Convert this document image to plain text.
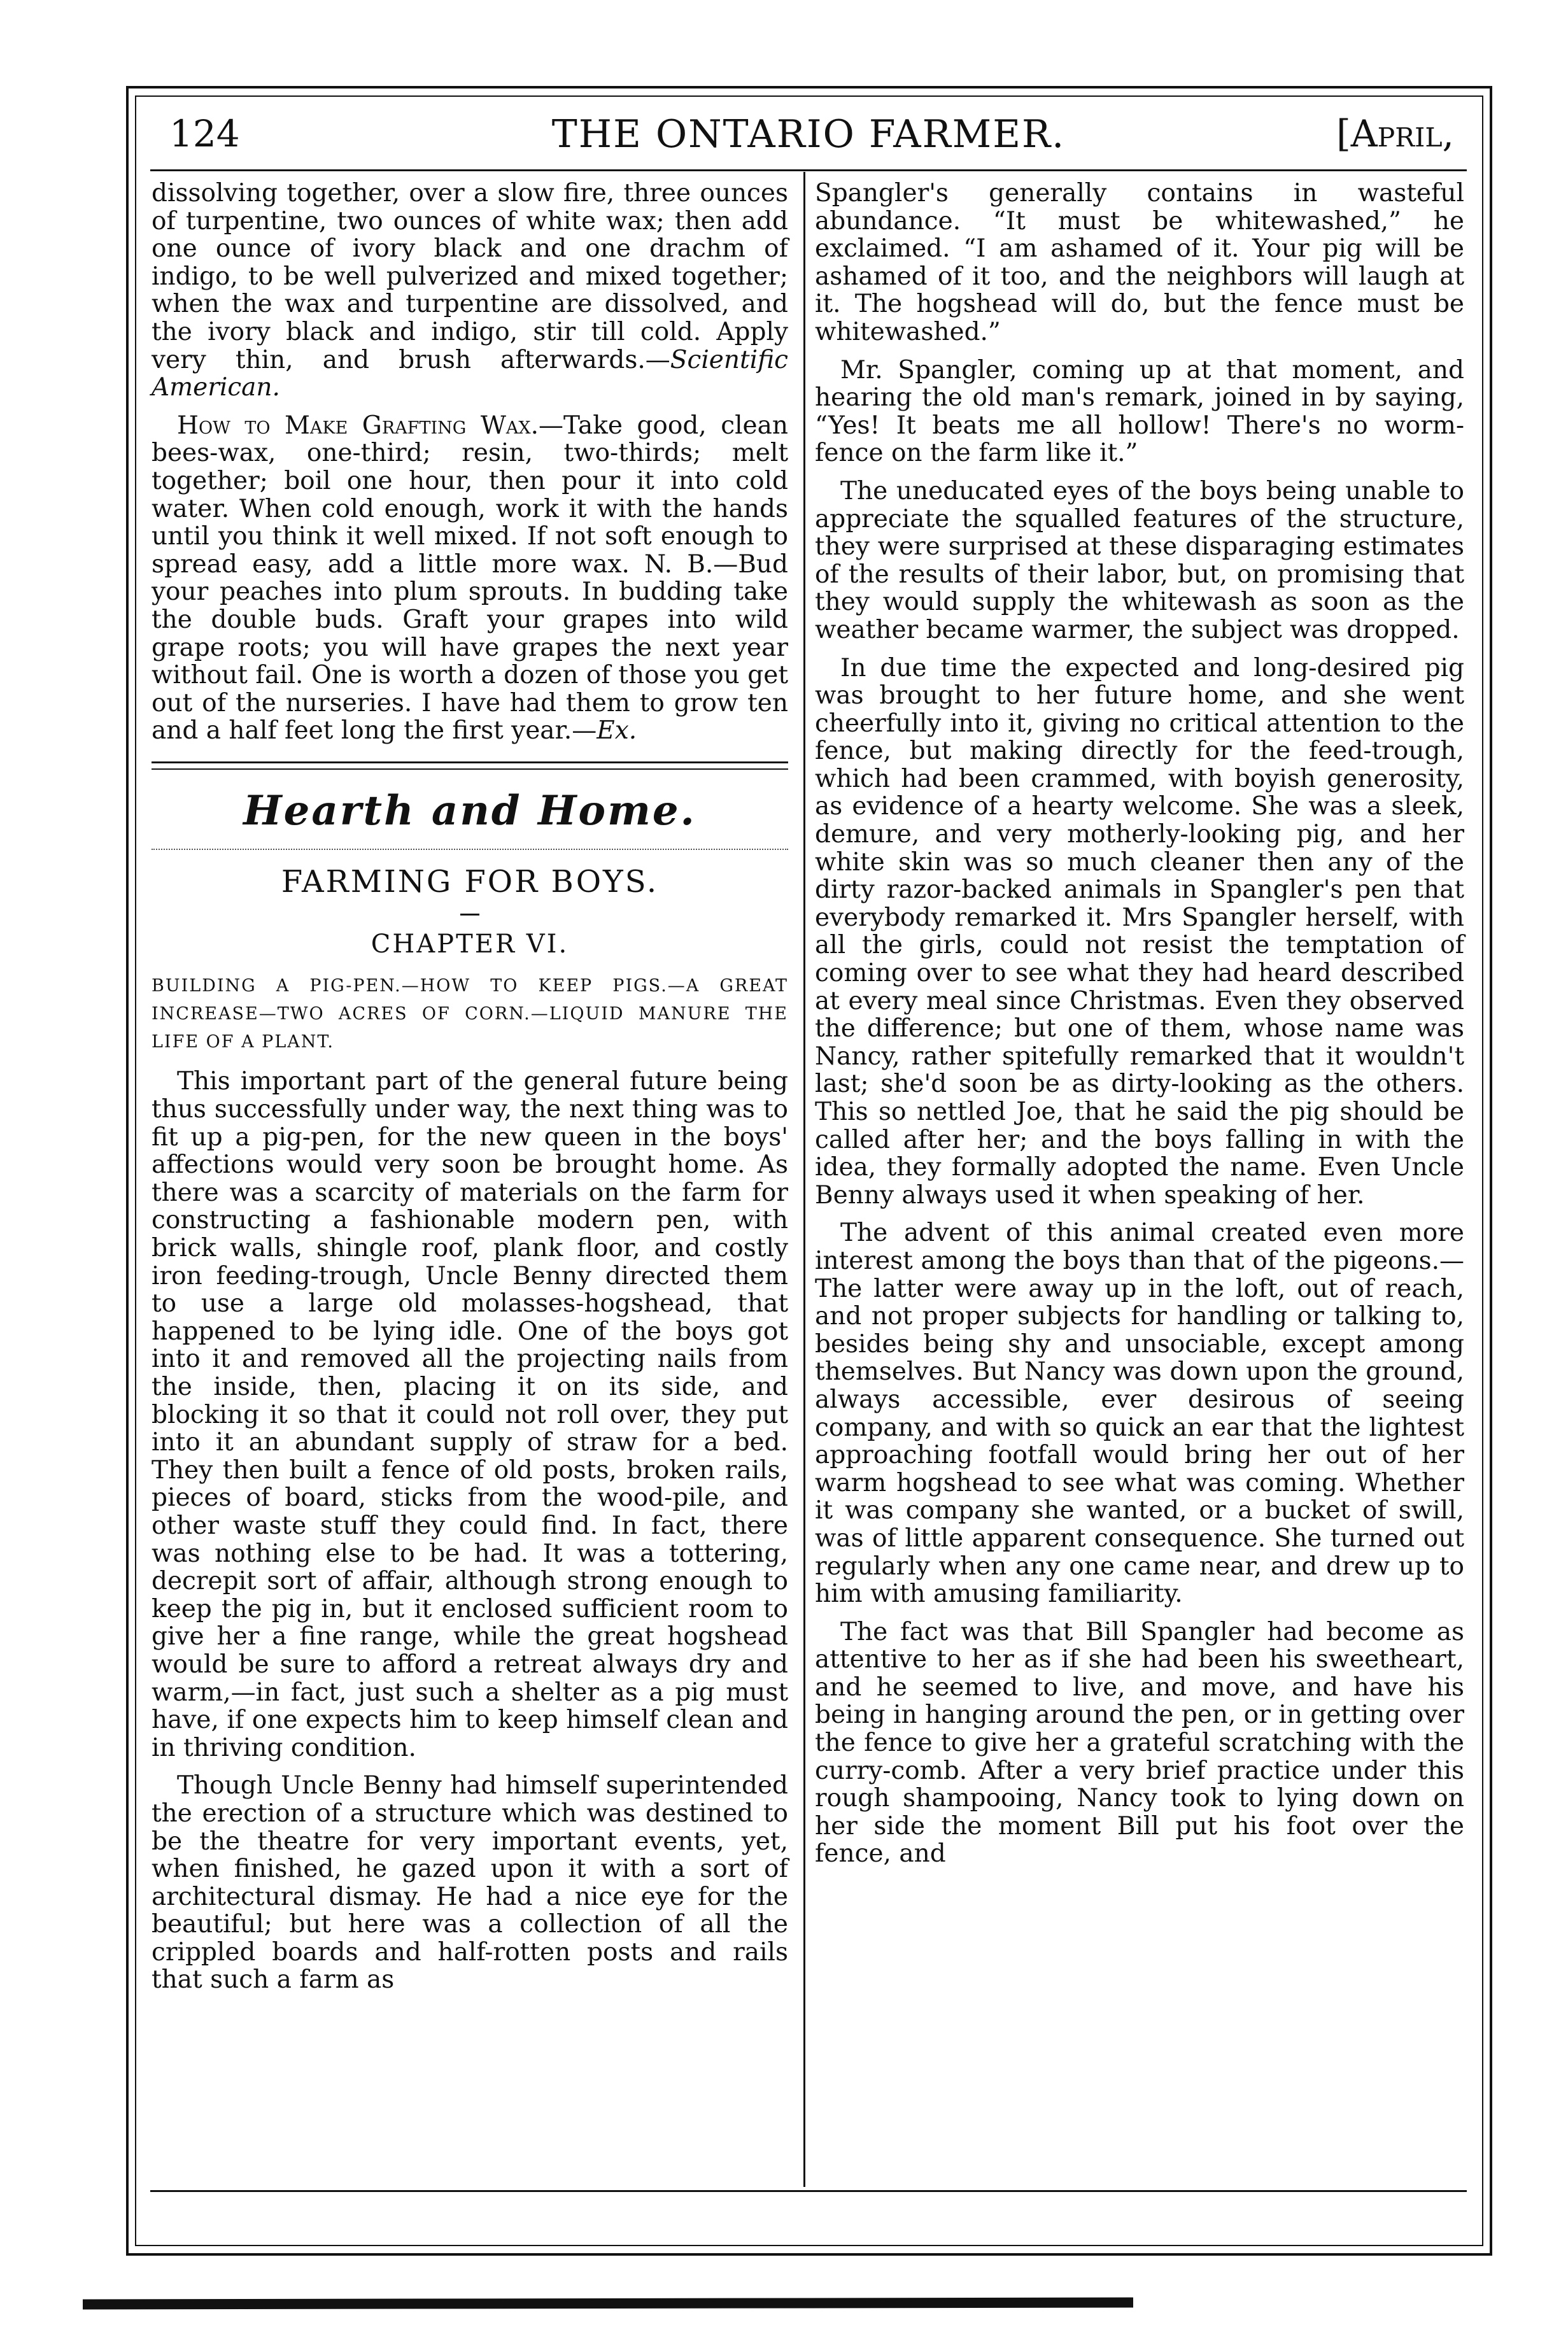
124	THE ONTARIO FARMER.	[April,

dissolving together, over a slow fire, three ounces of turpentine, two ounces of white wax; then add one ounce of ivory black and one drachm of indigo, to be well pulverized and mixed together; when the wax and turpentine are dissolved, and the ivory black and indigo, stir till cold. Apply very thin, and brush afterwards.—Scientific American.

How to Make Grafting Wax.—Take good, clean bees-wax, one-third; resin, two-thirds; melt together; boil one hour, then pour it into cold water. When cold enough, work it with the hands until you think it well mixed. If not soft enough to spread easy, add a little more wax. N. B.—Bud your peaches into plum sprouts. In budding take the double buds. Graft your grapes into wild grape roots; you will have grapes the next year without fail. One is worth a dozen of those you get out of the nurseries. I have had them to grow ten and a half feet long the first year.—Ex.

Hearth and Home.
FARMING FOR BOYS.
CHAPTER VI.
BUILDING A PIG-PEN.—HOW TO KEEP PIGS.—A GREAT INCREASE—TWO ACRES OF CORN.—LIQUID MANURE THE LIFE OF A PLANT.

This important part of the general future being thus successfully under way, the next thing was to fit up a pig-pen, for the new queen in the boys' affections would very soon be brought home. As there was a scarcity of materials on the farm for constructing a fashionable modern pen, with brick walls, shingle roof, plank floor, and costly iron feeding-trough, Uncle Benny directed them to use a large old molasses-hogshead, that happened to be lying idle. One of the boys got into it and removed all the projecting nails from the inside, then, placing it on its side, and blocking it so that it could not roll over, they put into it an abundant supply of straw for a bed. They then built a fence of old posts, broken rails, pieces of board, sticks from the wood-pile, and other waste stuff they could find. In fact, there was nothing else to be had. It was a tottering, decrepit sort of affair, although strong enough to keep the pig in, but it enclosed sufficient room to give her a fine range, while the great hogshead would be sure to afford a retreat always dry and warm,—in fact, just such a shelter as a pig must have, if one expects him to keep himself clean and in thriving condition.

Though Uncle Benny had himself superintended the erection of a structure which was destined to be the theatre for very important events, yet, when finished, he gazed upon it with a sort of architectural dismay. He had a nice eye for the beautiful; but here was a collection of all the crippled boards and half-rotten posts and rails that such a farm as

Spangler's generally contains in wasteful abundance. “It must be whitewashed,” he exclaimed. “I am ashamed of it. Your pig will be ashamed of it too, and the neighbors will laugh at it. The hogshead will do, but the fence must be whitewashed.”

Mr. Spangler, coming up at that moment, and hearing the old man's remark, joined in by saying, “Yes! It beats me all hollow! There's no worm-fence on the farm like it.”

The uneducated eyes of the boys being unable to appreciate the squalled features of the structure, they were surprised at these disparaging estimates of the results of their labor, but, on promising that they would supply the whitewash as soon as the weather became warmer, the subject was dropped.

In due time the expected and long-desired pig was brought to her future home, and she went cheerfully into it, giving no critical attention to the fence, but making directly for the feed-trough, which had been crammed, with boyish generosity, as evidence of a hearty welcome. She was a sleek, demure, and very motherly-looking pig, and her white skin was so much cleaner then any of the dirty razor-backed animals in Spangler's pen that everybody remarked it. Mrs Spangler herself, with all the girls, could not resist the temptation of coming over to see what they had heard described at every meal since Christmas. Even they observed the difference; but one of them, whose name was Nancy, rather spitefully remarked that it wouldn't last; she'd soon be as dirty-looking as the others. This so nettled Joe, that he said the pig should be called after her; and the boys falling in with the idea, they formally adopted the name. Even Uncle Benny always used it when speaking of her.

The advent of this animal created even more interest among the boys than that of the pigeons.—The latter were away up in the loft, out of reach, and not proper subjects for handling or talking to, besides being shy and unsociable, except among themselves. But Nancy was down upon the ground, always accessible, ever desirous of seeing company, and with so quick an ear that the lightest approaching footfall would bring her out of her warm hogshead to see what was coming. Whether it was company she wanted, or a bucket of swill, was of little apparent consequence. She turned out regularly when any one came near, and drew up to him with amusing familiarity.

The fact was that Bill Spangler had become as attentive to her as if she had been his sweetheart, and he seemed to live, and move, and have his being in hanging around the pen, or in getting over the fence to give her a grateful scratching with the curry-comb. After a very brief practice under this rough shampooing, Nancy took to lying down on her side the moment Bill put his foot over the fence, and
